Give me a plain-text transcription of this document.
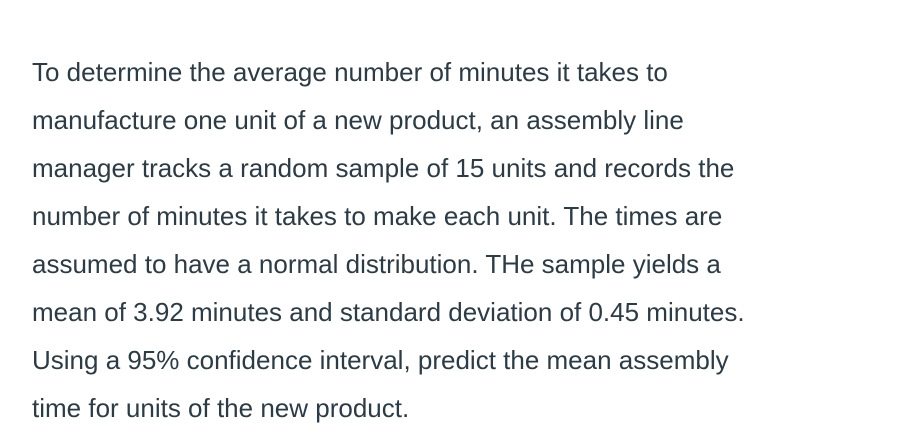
To determine the average number of minutes it takes to
manufacture one unit of a new product, an assembly line
manager tracks a random sample of 15 units and records the
number of minutes it takes to make each unit. The times are
assumed to have a normal distribution. THe sample yields a
mean of 3.92 minutes and standard deviation of 0.45 minutes.
Using a 95% confidence interval, predict the mean assembly
time for units of the new product.
